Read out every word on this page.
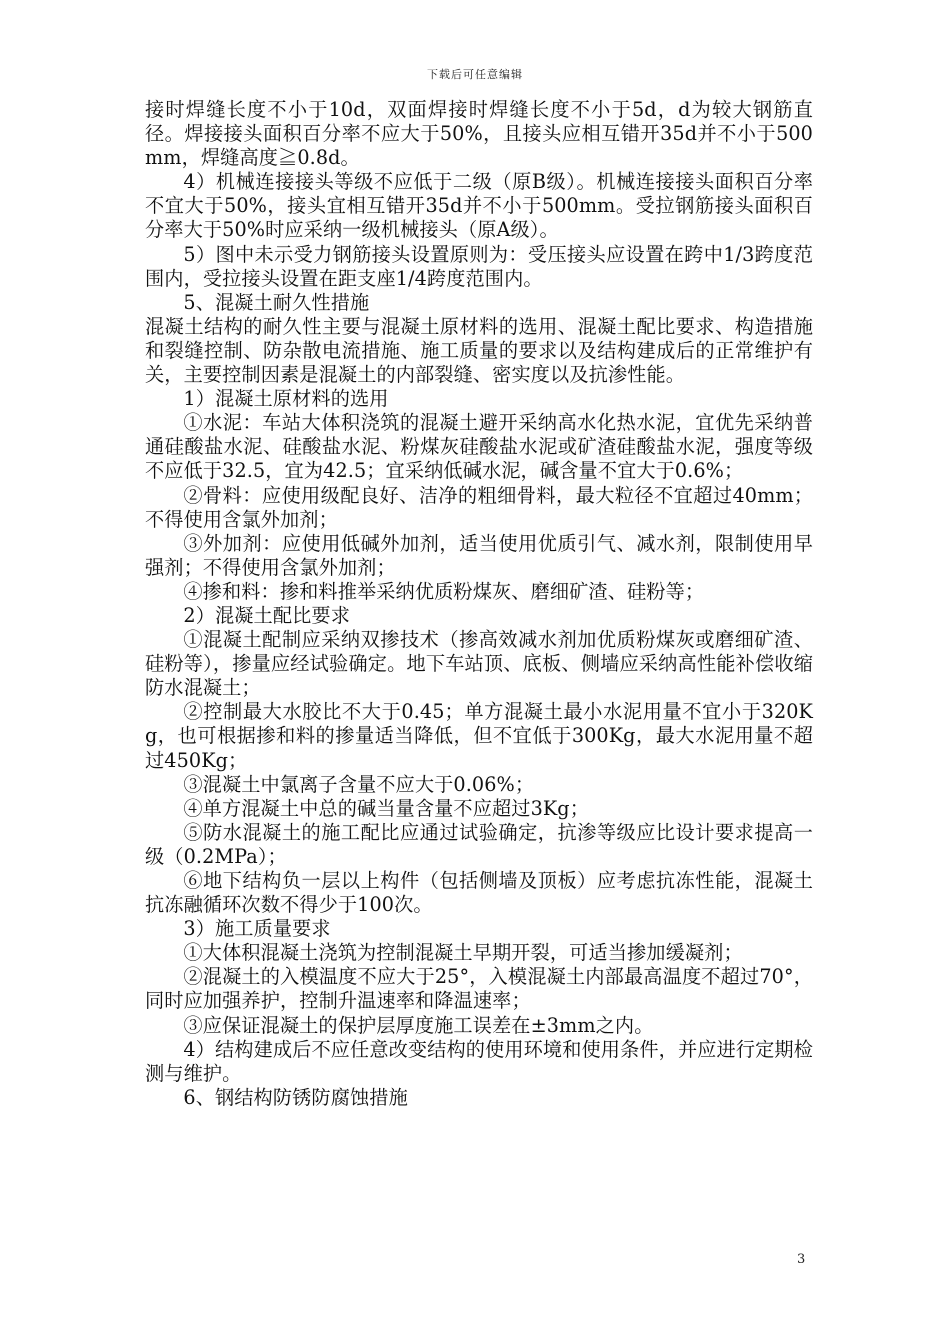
下载后可任意编辑

接时焊缝长度不小于10d，双面焊接时焊缝长度不小于5d，d为较大钢筋直径。焊接接头面积百分率不应大于50%，且接头应相互错开35d并不小于500mm，焊缝高度≧0.8d。

4）机械连接接头等级不应低于二级（原B级）。机械连接接头面积百分率不宜大于50%，接头宜相互错开35d并不小于500mm。受拉钢筋接头面积百分率大于50%时应采纳一级机械接头（原A级）。

5）图中未示受力钢筋接头设置原则为：受压接头应设置在跨中1/3跨度范围内，受拉接头设置在距支座1/4跨度范围内。

5、混凝土耐久性措施

混凝土结构的耐久性主要与混凝土原材料的选用、混凝土配比要求、构造措施和裂缝控制、防杂散电流措施、施工质量的要求以及结构建成后的正常维护有关，主要控制因素是混凝土的内部裂缝、密实度以及抗渗性能。

1）混凝土原材料的选用

①水泥：车站大体积浇筑的混凝土避开采纳高水化热水泥，宜优先采纳普通硅酸盐水泥、硅酸盐水泥、粉煤灰硅酸盐水泥或矿渣硅酸盐水泥，强度等级不应低于32.5，宜为42.5；宜采纳低碱水泥，碱含量不宜大于0.6%；

②骨料：应使用级配良好、洁净的粗细骨料，最大粒径不宜超过40mm；不得使用含氯外加剂；

③外加剂：应使用低碱外加剂，适当使用优质引气、减水剂，限制使用早强剂；不得使用含氯外加剂；

④掺和料：掺和料推举采纳优质粉煤灰、磨细矿渣、硅粉等；

2）混凝土配比要求

①混凝土配制应采纳双掺技术（掺高效减水剂加优质粉煤灰或磨细矿渣、硅粉等），掺量应经试验确定。地下车站顶、底板、侧墙应采纳高性能补偿收缩防水混凝土；

②控制最大水胶比不大于0.45；单方混凝土最小水泥用量不宜小于320Kg，也可根据掺和料的掺量适当降低，但不宜低于300Kg，最大水泥用量不超过450Kg；

③混凝土中氯离子含量不应大于0.06%；

④单方混凝土中总的碱当量含量不应超过3Kg；

⑤防水混凝土的施工配比应通过试验确定，抗渗等级应比设计要求提高一级（0.2MPa）；

⑥地下结构负一层以上构件（包括侧墙及顶板）应考虑抗冻性能，混凝土抗冻融循环次数不得少于100次。

3）施工质量要求

①大体积混凝土浇筑为控制混凝土早期开裂，可适当掺加缓凝剂；

②混凝土的入模温度不应大于25°，入模混凝土内部最高温度不超过70°，同时应加强养护，控制升温速率和降温速率；

③应保证混凝土的保护层厚度施工误差在±3mm之内。

4）结构建成后不应任意改变结构的使用环境和使用条件，并应进行定期检测与维护。

6、钢结构防锈防腐蚀措施

3
